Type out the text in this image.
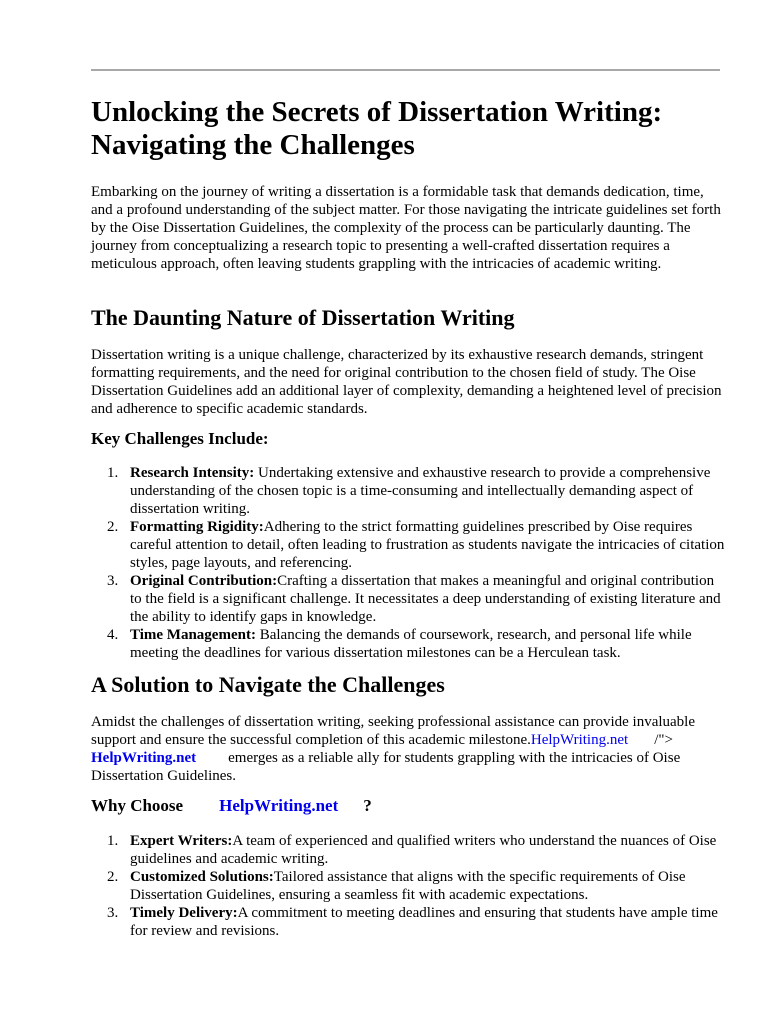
Unlocking the Secrets of Dissertation Writing: Navigating the Challenges

Embarking on the journey of writing a dissertation is a formidable task that demands dedication, time, and a profound understanding of the subject matter. For those navigating the intricate guidelines set forth by the Oise Dissertation Guidelines, the complexity of the process can be particularly daunting. The journey from conceptualizing a research topic to presenting a well-crafted dissertation requires a meticulous approach, often leaving students grappling with the intricacies of academic writing.

The Daunting Nature of Dissertation Writing

Dissertation writing is a unique challenge, characterized by its exhaustive research demands, stringent formatting requirements, and the need for original contribution to the chosen field of study. The Oise Dissertation Guidelines add an additional layer of complexity, demanding a heightened level of precision and adherence to specific academic standards.

Key Challenges Include:
1. Research Intensity: Undertaking extensive and exhaustive research to provide a comprehensive understanding of the chosen topic is a time-consuming and intellectually demanding aspect of dissertation writing.
2. Formatting Rigidity:Adhering to the strict formatting guidelines prescribed by Oise requires careful attention to detail, often leading to frustration as students navigate the intricacies of citation styles, page layouts, and referencing.
3. Original Contribution:Crafting a dissertation that makes a meaningful and original contribution to the field is a significant challenge. It necessitates a deep understanding of existing literature and the ability to identify gaps in knowledge.
4. Time Management: Balancing the demands of coursework, research, and personal life while meeting the deadlines for various dissertation milestones can be a Herculean task.
A Solution to Navigate the Challenges

Amidst the challenges of dissertation writing, seeking professional assistance can provide invaluable support and ensure the successful completion of this academic milestone.HelpWriting.net /"> HelpWriting.net emerges as a reliable ally for students grappling with the intricacies of Oise Dissertation Guidelines.

Why Choose HelpWriting.net ?
1. Expert Writers:A team of experienced and qualified writers who understand the nuances of Oise guidelines and academic writing.
2. Customized Solutions:Tailored assistance that aligns with the specific requirements of Oise Dissertation Guidelines, ensuring a seamless fit with academic expectations.
3. Timely Delivery:A commitment to meeting deadlines and ensuring that students have ample time for review and revisions.
